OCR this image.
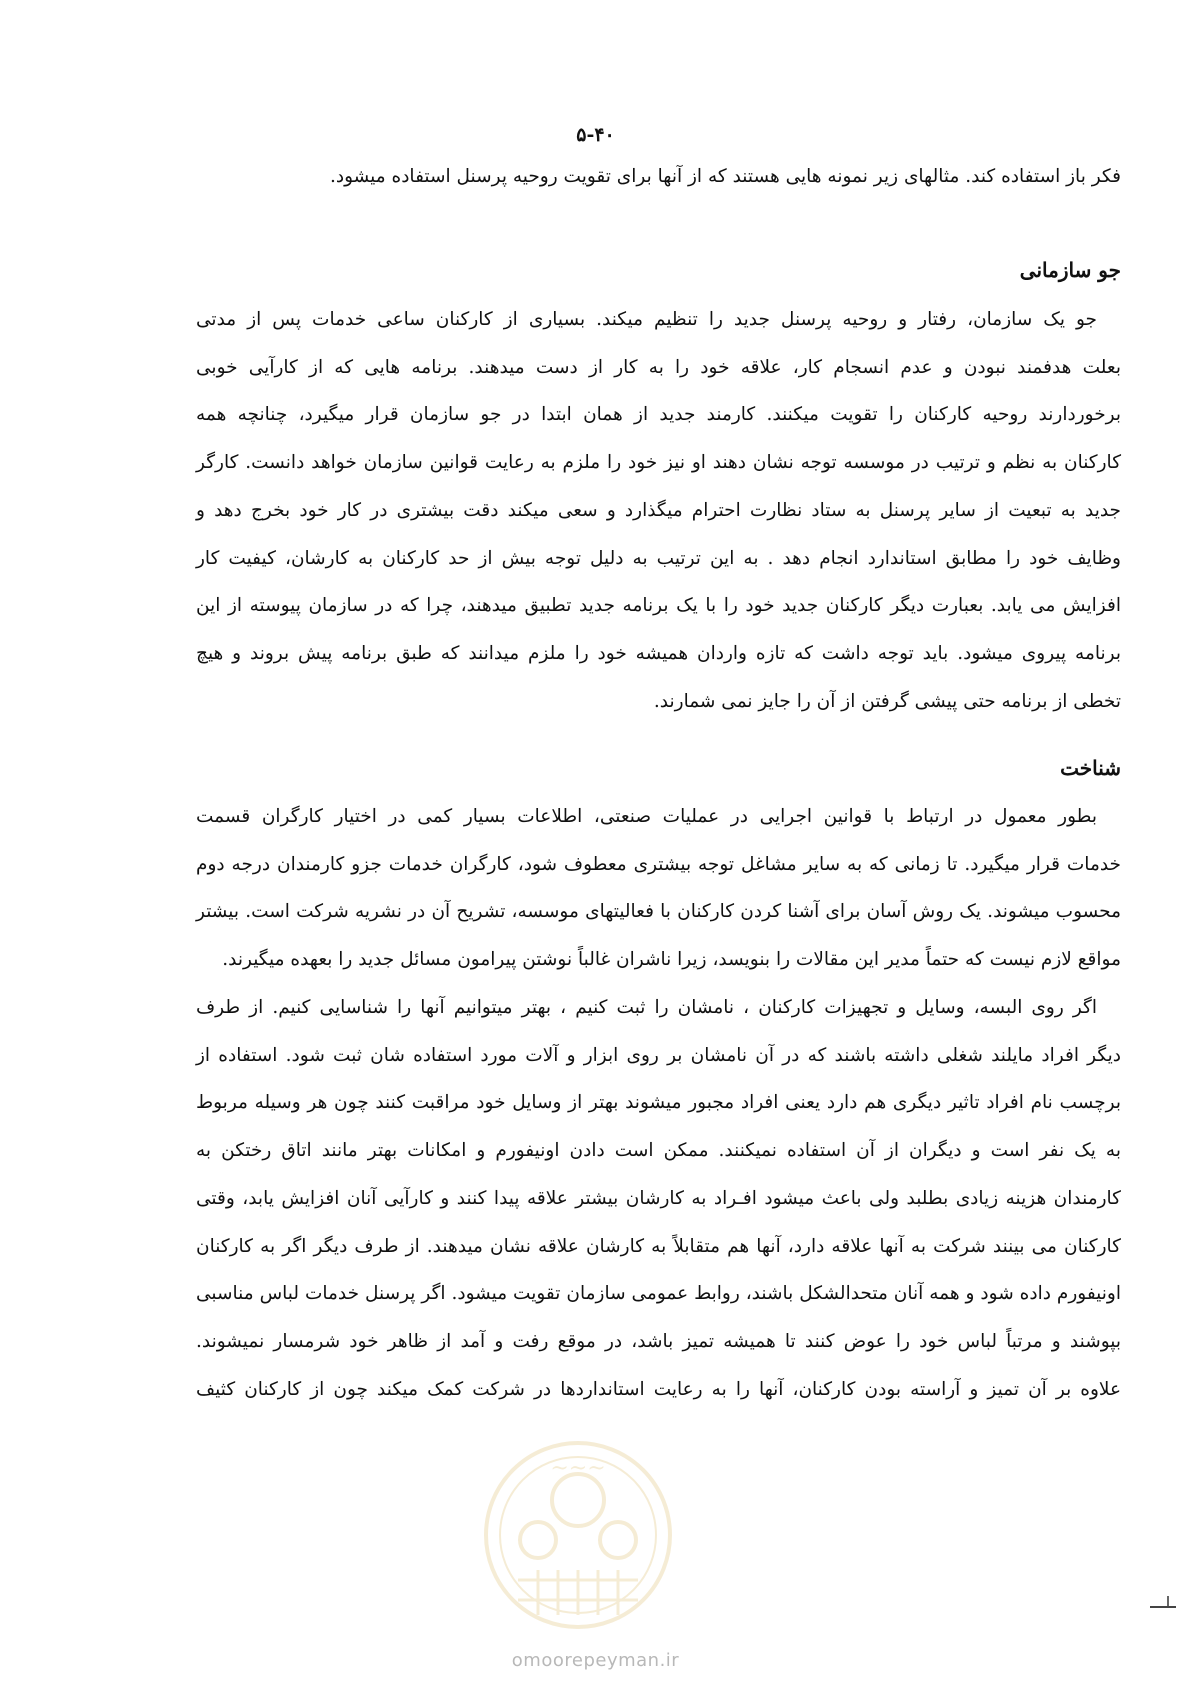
۵-۴۰
فکر باز استفاده کند. مثالهای زیر نمونه هایی هستند که از آنها برای تقویت روحیه پرسنل استفاده میشود.
جو سازمانی
جو یک سازمان، رفتار و روحیه پرسنل جدید را تنظیم میکند. بسیاری از کارکنان ساعی خدمات پس از مدتی
بعلت هدفمند نبودن و عدم انسجام کار، علاقه خود را به کار از دست میدهند. برنامه هایی که از کارآیی خوبی
برخوردارند روحیه کارکنان را تقویت میکنند. کارمند جدید از همان ابتدا در جو سازمان قرار میگیرد، چنانچه همه
کارکنان به نظم و ترتیب در موسسه توجه نشان دهند او نیز خود را ملزم به رعایت قوانین سازمان خواهد دانست. کارگر
جدید به تبعیت از سایر پرسنل به ستاد نظارت احترام میگذارد و سعی میکند دقت بیشتری در کار خود بخرج دهد و
وظایف خود را مطابق استاندارد انجام دهد . به این ترتیب به دلیل توجه بیش از حد کارکنان به کارشان، کیفیت کار
افزایش می یابد. بعبارت دیگر کارکنان جدید خود را با یک برنامه جدید تطبیق میدهند، چرا که در سازمان پیوسته از این
برنامه پیروی میشود. باید توجه داشت که تازه واردان همیشه خود را ملزم میدانند که طبق برنامه پیش بروند و هیچ
تخطی از برنامه حتی پیشی گرفتن از آن را جایز نمی شمارند.
شناخت
بطور معمول در ارتباط با قوانین اجرایی در عملیات صنعتی، اطلاعات بسیار کمی در اختیار کارگران قسمت
خدمات قرار میگیرد. تا زمانی که به سایر مشاغل توجه بیشتری معطوف شود، کارگران خدمات جزو کارمندان درجه دوم
محسوب میشوند. یک روش آسان برای آشنا کردن کارکنان با فعالیتهای موسسه، تشریح آن در نشریه شرکت است. بیشتر
مواقع لازم نیست که حتماً مدیر این مقالات را بنویسد، زیرا ناشران غالباً نوشتن پیرامون مسائل جدید را بعهده میگیرند.
اگر روی البسه، وسایل و تجهیزات کارکنان ، نامشان را ثبت کنیم ، بهتر میتوانیم آنها را شناسایی کنیم. از طرف
دیگر افراد مایلند شغلی داشته باشند که در آن نامشان بر روی ابزار و آلات مورد استفاده شان ثبت شود. استفاده از
برچسب نام افراد تاثیر دیگری هم دارد یعنی افراد مجبور میشوند بهتر از وسایل خود مراقبت کنند چون هر وسیله مربوط
به یک نفر است و دیگران از آن استفاده نمیکنند. ممکن است دادن اونیفورم و امکانات بهتر مانند اتاق رختکن به
کارمندان هزینه زیادی بطلبد ولی باعث میشود افـراد به کارشان بیشتر علاقه پیدا کنند و کارآیی آنان افزایش یابد، وقتی
کارکنان می بینند شرکت به آنها علاقه دارد، آنها هم متقابلاً به کارشان علاقه نشان میدهند. از طرف دیگر اگر به کارکنان
اونیفورم داده شود و همه آنان متحدالشکل باشند، روابط عمومی سازمان تقویت میشود. اگر پرسنل خدمات لباس مناسبی
بپوشند و مرتباً لباس خود را عوض کنند تا همیشه تمیز باشد، در موقع رفت و آمد از ظاهر خود شرمسار نمیشوند.
علاوه بر آن تمیز و آراسته بودن کارکنان، آنها را به رعایت استانداردها در شرکت کمک میکند چون از کارکنان کثیف
~~~
omoorepeyman.ir
